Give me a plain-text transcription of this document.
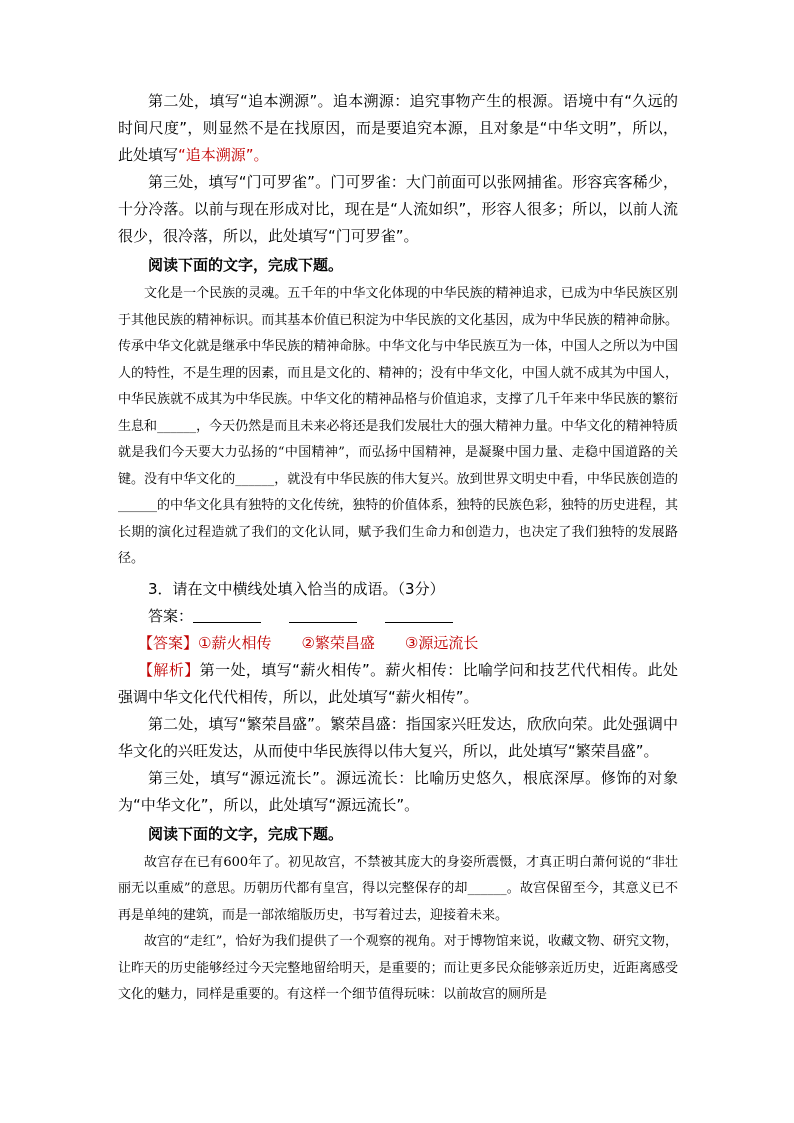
第二处，填写“追本溯源”。追本溯源：追究事物产生的根源。语境中有“久远的时间尺度”，则显然不是在找原因，而是要追究本源，且对象是“中华文明”，所以，此处填写“追本溯源”。

第三处，填写“门可罗雀”。门可罗雀：大门前面可以张网捕雀。形容宾客稀少，十分冷落。以前与现在形成对比，现在是“人流如织”，形容人很多；所以，以前人流很少，很冷落，所以，此处填写“门可罗雀”。

阅读下面的文字，完成下题。

文化是一个民族的灵魂。五千年的中华文化体现的中华民族的精神追求，已成为中华民族区别于其他民族的精神标识。而其基本价值已积淀为中华民族的文化基因，成为中华民族的精神命脉。传承中华文化就是继承中华民族的精神命脉。中华文化与中华民族互为一体，中国人之所以为中国人的特性，不是生理的因素，而且是文化的、精神的；没有中华文化，中国人就不成其为中国人，中华民族就不成其为中华民族。中华文化的精神品格与价值追求，支撑了几千年来中华民族的繁衍生息和______，今天仍然是而且未来必将还是我们发展壮大的强大精神力量。中华文化的精神特质就是我们今天要大力弘扬的“中国精神”，而弘扬中国精神，是凝聚中国力量、走稳中国道路的关键。没有中华文化的______，就没有中华民族的伟大复兴。放到世界文明史中看，中华民族创造的______的中华文化具有独特的文化传统，独特的价值体系，独特的民族色彩，独特的历史进程，其长期的演化过程造就了我们的文化认同，赋予我们生命力和创造力，也决定了我们独特的发展路径。

3．请在文中横线处填入恰当的成语。（3分）

答案：

【答案】①薪火相传 ②繁荣昌盛 ③源远流长

【解析】第一处，填写“薪火相传”。薪火相传：比喻学问和技艺代代相传。此处强调中华文化代代相传，所以，此处填写“薪火相传”。

第二处，填写“繁荣昌盛”。繁荣昌盛：指国家兴旺发达，欣欣向荣。此处强调中华文化的兴旺发达，从而使中华民族得以伟大复兴，所以，此处填写“繁荣昌盛”。

第三处，填写“源远流长”。源远流长：比喻历史悠久，根底深厚。修饰的对象为“中华文化”，所以，此处填写“源远流长”。

阅读下面的文字，完成下题。

故宫存在已有600年了。初见故宫，不禁被其庞大的身姿所震慑，才真正明白萧何说的“非壮丽无以重威”的意思。历朝历代都有皇宫，得以完整保存的却______。故宫保留至今，其意义已不再是单纯的建筑，而是一部浓缩版历史，书写着过去，迎接着未来。

故宫的“走红”，恰好为我们提供了一个观察的视角。对于博物馆来说，收藏文物、研究文物，让昨天的历史能够经过今天完整地留给明天，是重要的；而让更多民众能够亲近历史，近距离感受文化的魅力，同样是重要的。有这样一个细节值得玩味：以前故宫的厕所是
